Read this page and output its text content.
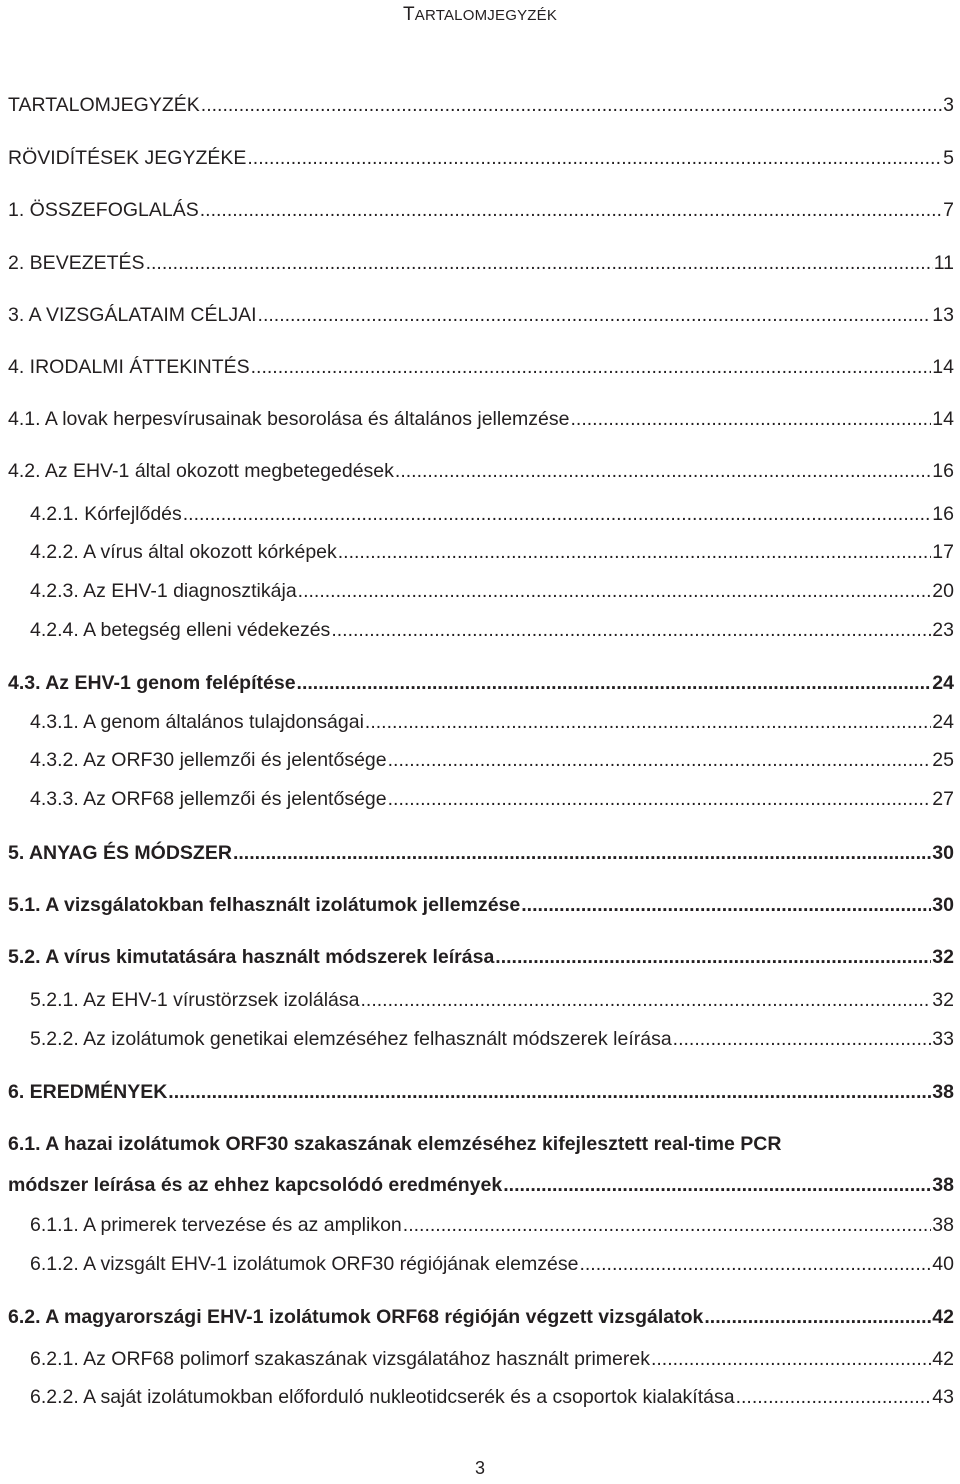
TARTALOMJEGYZÉK
TARTALOMJEGYZÉK .....	3
RÖVIDÍTÉSEK JEGYZÉKE .....	5
1. ÖSSZEFOGLALÁS .....	7
2. BEVEZETÉS .....	11
3. A VIZSGÁLATAIM CÉLJAI .....	13
4. IRODALMI ÁTTEKINTÉS .....	14
4.1. A lovak herpesvírusainak besorolása és általános jellemzése .....	14
4.2. Az EHV-1 által okozott megbetegedések .....	16
4.2.1. Kórfejlődés .....	16
4.2.2. A vírus által okozott kórképek .....	17
4.2.3. Az EHV-1 diagnosztikája .....	20
4.2.4. A betegség elleni védekezés .....	23
4.3. Az EHV-1 genom felépítése .....	24
4.3.1. A genom általános tulajdonságai .....	24
4.3.2. Az ORF30 jellemzői és jelentősége .....	25
4.3.3. Az ORF68 jellemzői és jelentősége .....	27
5. ANYAG ÉS MÓDSZER .....	30
5.1. A vizsgálatokban felhasznált izolátumok jellemzése .....	30
5.2. A vírus kimutatására használt módszerek leírása .....	32
5.2.1. Az EHV-1 vírustörzsek izolálása .....	32
5.2.2. Az izolátumok genetikai elemzéséhez felhasznált módszerek leírása .....	33
6. EREDMÉNYEK .....	38
6.1. A hazai izolátumok ORF30 szakaszának elemzéséhez kifejlesztett real-time PCR
módszer leírása és az ehhez kapcsolódó eredmények .....	38
6.1.1. A primerek tervezése és az amplikon .....	38
6.1.2. A vizsgált EHV-1 izolátumok ORF30 régiójának elemzése .....	40
6.2. A magyarországi EHV-1 izolátumok ORF68 régióján végzett vizsgálatok .....	42
6.2.1. Az ORF68 polimorf szakaszának vizsgálatához használt primerek .....	42
6.2.2. A saját izolátumokban előforduló nukleotidcserék és a csoportok kialakítása .....	43
3
